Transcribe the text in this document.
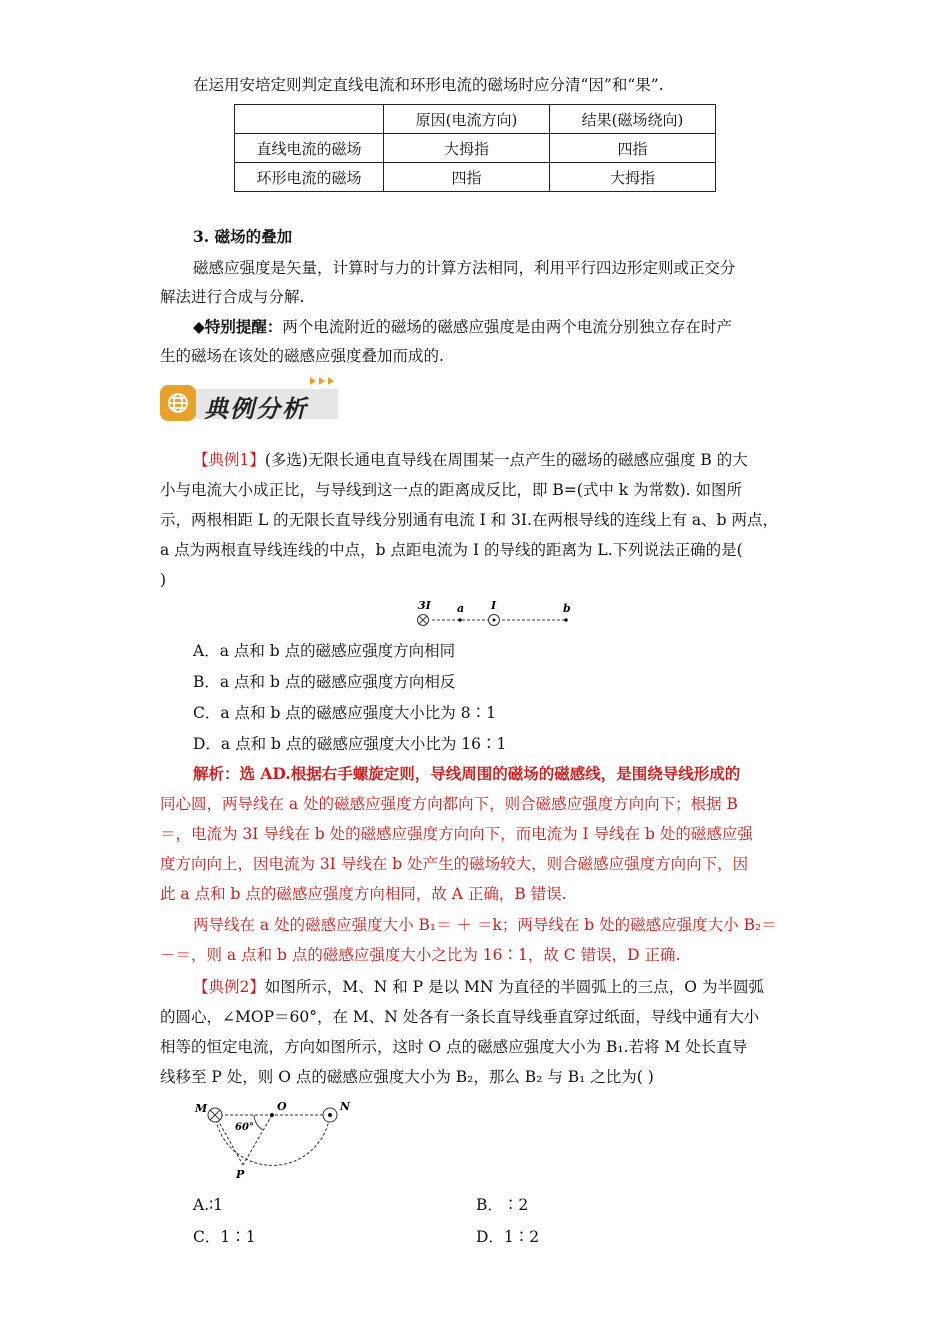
在运用安培定则判定直线电流和环形电流的磁场时应分清“因”和“果”.
	原因(电流方向)	结果(磁场绕向)
直线电流的磁场	大拇指	四指
环形电流的磁场	四指	大拇指
3. 磁场的叠加
磁感应强度是矢量，计算时与力的计算方法相同，利用平行四边形定则或正交分
解法进行合成与分解.
◆特别提醒：两个电流附近的磁场的磁感应强度是由两个电流分别独立存在时产
生的磁场在该处的磁感应强度叠加而成的.
典例分析
【典例1】(多选)无限长通电直导线在周围某一点产生的磁场的磁感应强度 B 的大
小与电流大小成正比，与导线到这一点的距离成反比，即 B=(式中 k 为常数). 如图所
示，两根相距 L 的无限长直导线分别通有电流 I 和 3I.在两根导线的连线上有 a、b 两点，
a 点为两根直导线连线的中点，b 点距电流为 I 的导线的距离为 L.下列说法正确的是(
)
3I a I	b
A．a 点和 b 点的磁感应强度方向相同
B．a 点和 b 点的磁感应强度方向相反
C．a 点和 b 点的磁感应强度大小比为 8∶1
D．a 点和 b 点的磁感应强度大小比为 16∶1
解析：选 AD.根据右手螺旋定则，导线周围的磁场的磁感线，是围绕导线形成的
同心圆，两导线在 a 处的磁感应强度方向都向下，则合磁感应强度方向向下；根据 B
＝，电流为 3I 导线在 b 处的磁感应强度方向向下，而电流为 I 导线在 b 处的磁感应强
度方向向上，因电流为 3I 导线在 b 处产生的磁场较大，则合磁感应强度方向向下，因
此 a 点和 b 点的磁感应强度方向相同，故 A 正确，B 错误.
两导线在 a 处的磁感应强度大小 B₁＝ ＋ ＝k；两导线在 b 处的磁感应强度大小 B₂＝
－＝，则 a 点和 b 点的磁感应强度大小之比为 16∶1，故 C 错误，D 正确.
【典例2】如图所示，M、N 和 P 是以 MN 为直径的半圆弧上的三点，O 为半圆弧
的圆心，∠MOP＝60°，在 M、N 处各有一条长直导线垂直穿过纸面，导线中通有大小
相等的恒定电流，方向如图所示，这时 O 点的磁感应强度大小为 B₁.若将 M 处长直导
线移至 P 处，则 O 点的磁感应强度大小为 B₂，那么 B₂ 与 B₁ 之比为( )
M	O	N
P
60°
A.∶1	B．∶2
C．1∶1	D．1∶2
